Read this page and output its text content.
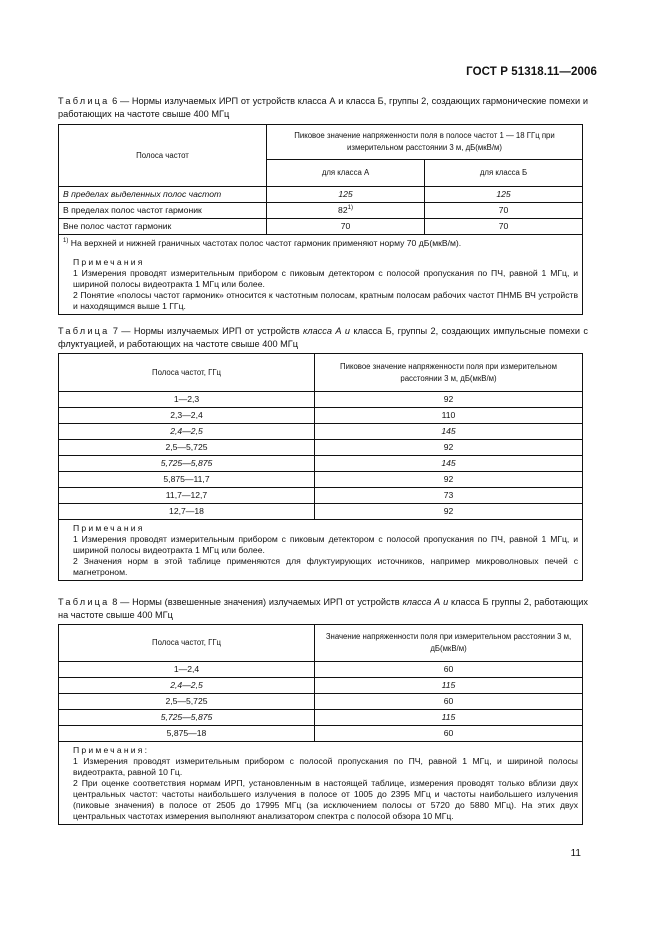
ГОСТ Р 51318.11—2006
Таблица 6 — Нормы излучаемых ИРП от устройств класса А и класса Б, группы 2, создающих гармонические помехи и работающих на частоте свыше 400 МГц
Полоса частот	Пиковое значение напряженности поля в полосе частот 1 — 18 ГГц при измерительном расстоянии 3 м, дБ(мкВ/м)	
	для класса А	для класса Б
В пределах выделенных полос частот	125	125
В пределах полос частот гармоник	82$^{1)}$	70
Вне полос частот гармоник	70	70

$^{1)}$ На верхней и нижней граничных частотах полос частот гармоник применяют норму 70 дБ(мкВ/м).

Примечания

1 Измерения проводят измерительным прибором с пиковым детектором с полосой пропускания по ПЧ, равной 1 МГц, и шириной полосы видеотракта 1 МГц или более.

2 Понятие «полосы частот гармоник» относится к частотным полосам, кратным полосам рабочих частот ПНМБ ВЧ устройств и находящимся выше 1 ГГц.		

Таблица 7 — Нормы излучаемых ИРП от устройств класса А и класса Б, группы 2, создающих импульсные помехи с флуктуацией, и работающих на частоте свыше 400 МГц
Полоса частот, ГГц	Пиковое значение напряженности поля при измерительном расстоянии 3 м, дБ(мкВ/м)
1—2,3	92
2,3—2,4	110
2,4—2,5	145
2,5—5,725	92
5,725—5,875	145
5,875—11,7	92
11,7—12,7	73
12,7—18	92

Примечания

1 Измерения проводят измерительным прибором с пиковым детектором с полосой пропускания по ПЧ, равной 1 МГц, и шириной полосы видеотракта 1 МГц или более.

2 Значения норм в этой таблице применяются для флуктуирующих источников, например микроволновых печей с магнетроном.	

Таблица 8 — Нормы (взвешенные значения) излучаемых ИРП от устройств класса А и класса Б группы 2, работающих на частоте свыше 400 МГц
Полоса частот, ГГц	Значение напряженности поля при измерительном расстоянии 3 м, дБ(мкВ/м)
1—2,4	60
2,4—2,5	115
2,5—5,725	60
5,725—5,875	115
5,875—18	60

Примечания:

1 Измерения проводят измерительным прибором с полосой пропускания по ПЧ, равной 1 МГц, и шириной полосы видеотракта, равной 10 Гц.

2 При оценке соответствия нормам ИРП, установленным в настоящей таблице, измерения проводят только вблизи двух центральных частот: частоты наибольшего излучения в полосе от 1005 до 2395 МГц и частоты наибольшего излучения (пиковые значения) в полосе от 2505 до 17995 МГц (за исключением полосы от 5720 до 5880 МГц). На этих двух центральных частотах измерения выполняют анализатором спектра с полосой обзора 10 МГц.	

11
